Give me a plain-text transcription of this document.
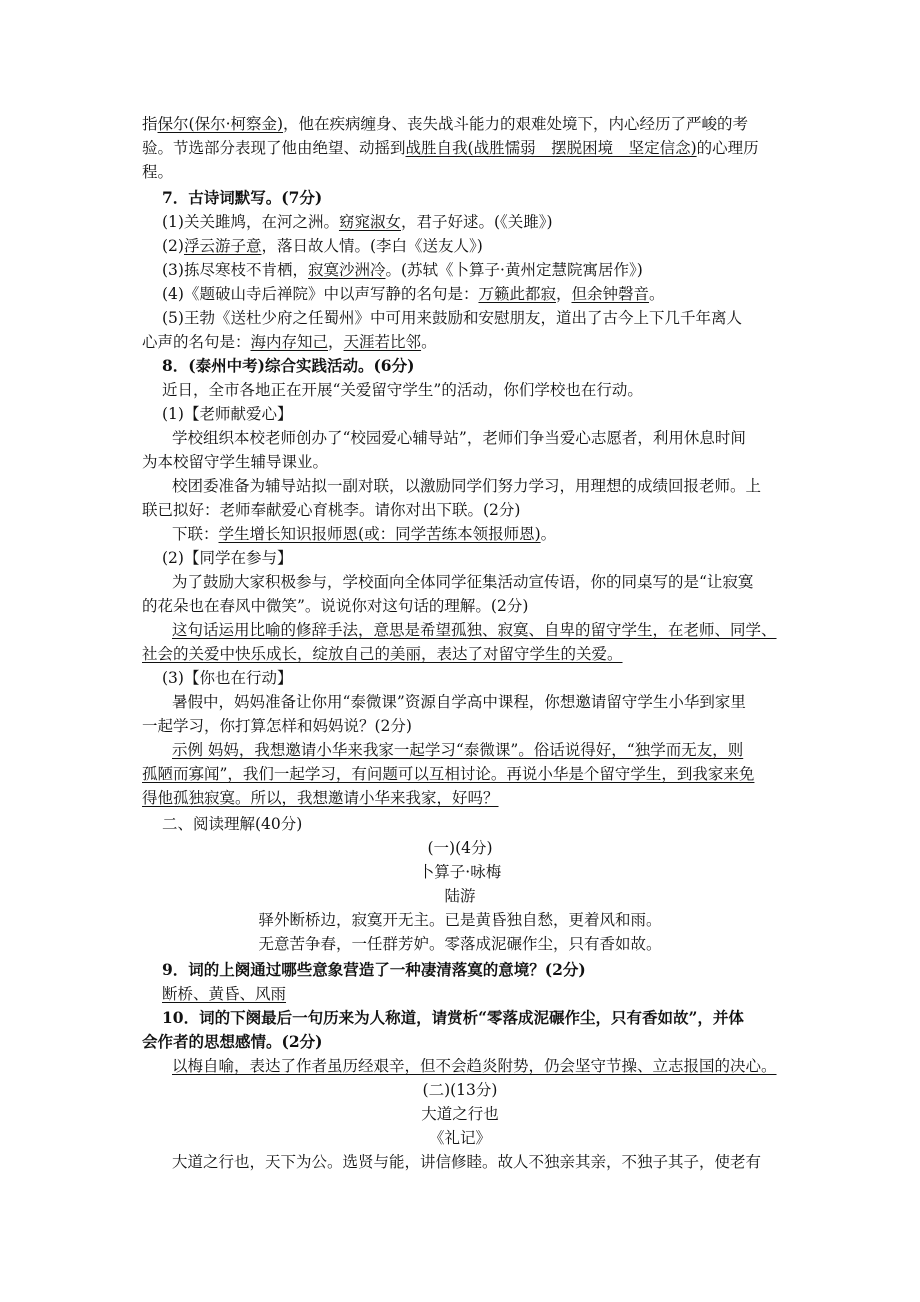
指保尔(保尔·柯察金)，他在疾病缠身、丧失战斗能力的艰难处境下，内心经历了严峻的考
验。节选部分表现了他由绝望、动摇到战胜自我(战胜懦弱　摆脱困境　坚定信念)的心理历
程。
7．古诗词默写。(7分)
(1)关关雎鸠，在河之洲。窈窕淑女，君子好逑。(《关雎》)
(2)浮云游子意，落日故人情。(李白《送友人》)
(3)拣尽寒枝不肯栖，寂寞沙洲冷。(苏轼《卜算子·黄州定慧院寓居作》)
(4)《题破山寺后禅院》中以声写静的名句是：万籁此都寂，但余钟磬音。
(5)王勃《送杜少府之任蜀州》中可用来鼓励和安慰朋友，道出了古今上下几千年离人
心声的名句是：海内存知己，天涯若比邻。
8．(泰州中考)综合实践活动。(6分)
近日，全市各地正在开展“关爱留守学生”的活动，你们学校也在行动。
(1)【老师献爱心】
学校组织本校老师创办了“校园爱心辅导站”，老师们争当爱心志愿者，利用休息时间
为本校留守学生辅导课业。
校团委准备为辅导站拟一副对联，以激励同学们努力学习，用理想的成绩回报老师。上
联已拟好：老师奉献爱心育桃李。请你对出下联。(2分)
下联：学生增长知识报师恩(或：同学苦练本领报师恩)。
(2)【同学在参与】
为了鼓励大家积极参与，学校面向全体同学征集活动宣传语，你的同桌写的是“让寂寞
的花朵也在春风中微笑”。说说你对这句话的理解。(2分)
这句话运用比喻的修辞手法，意思是希望孤独、寂寞、自卑的留守学生，在老师、同学、
社会的关爱中快乐成长，绽放自己的美丽，表达了对留守学生的关爱。
(3)【你也在行动】
暑假中，妈妈准备让你用“泰微课”资源自学高中课程，你想邀请留守学生小华到家里
一起学习，你打算怎样和妈妈说？(2分)
示例 妈妈，我想邀请小华来我家一起学习“泰微课”。俗话说得好，“独学而无友，则
孤陋而寡闻”，我们一起学习，有问题可以互相讨论。再说小华是个留守学生，到我家来免
得他孤独寂寞。所以，我想邀请小华来我家，好吗？
二、阅读理解(40分)
(一)(4分)
卜算子·咏梅
陆游
驿外断桥边，寂寞开无主。已是黄昏独自愁，更着风和雨。
无意苦争春，一任群芳妒。零落成泥碾作尘，只有香如故。
9．词的上阕通过哪些意象营造了一种凄清落寞的意境？(2分)
断桥、黄昏、风雨
10．词的下阕最后一句历来为人称道，请赏析“零落成泥碾作尘，只有香如故”，并体
会作者的思想感情。(2分)
以梅自喻，表达了作者虽历经艰辛，但不会趋炎附势，仍会坚守节操、立志报国的决心。
(二)(13分)
大道之行也
《礼记》
大道之行也，天下为公。选贤与能，讲信修睦。故人不独亲其亲，不独子其子，使老有
